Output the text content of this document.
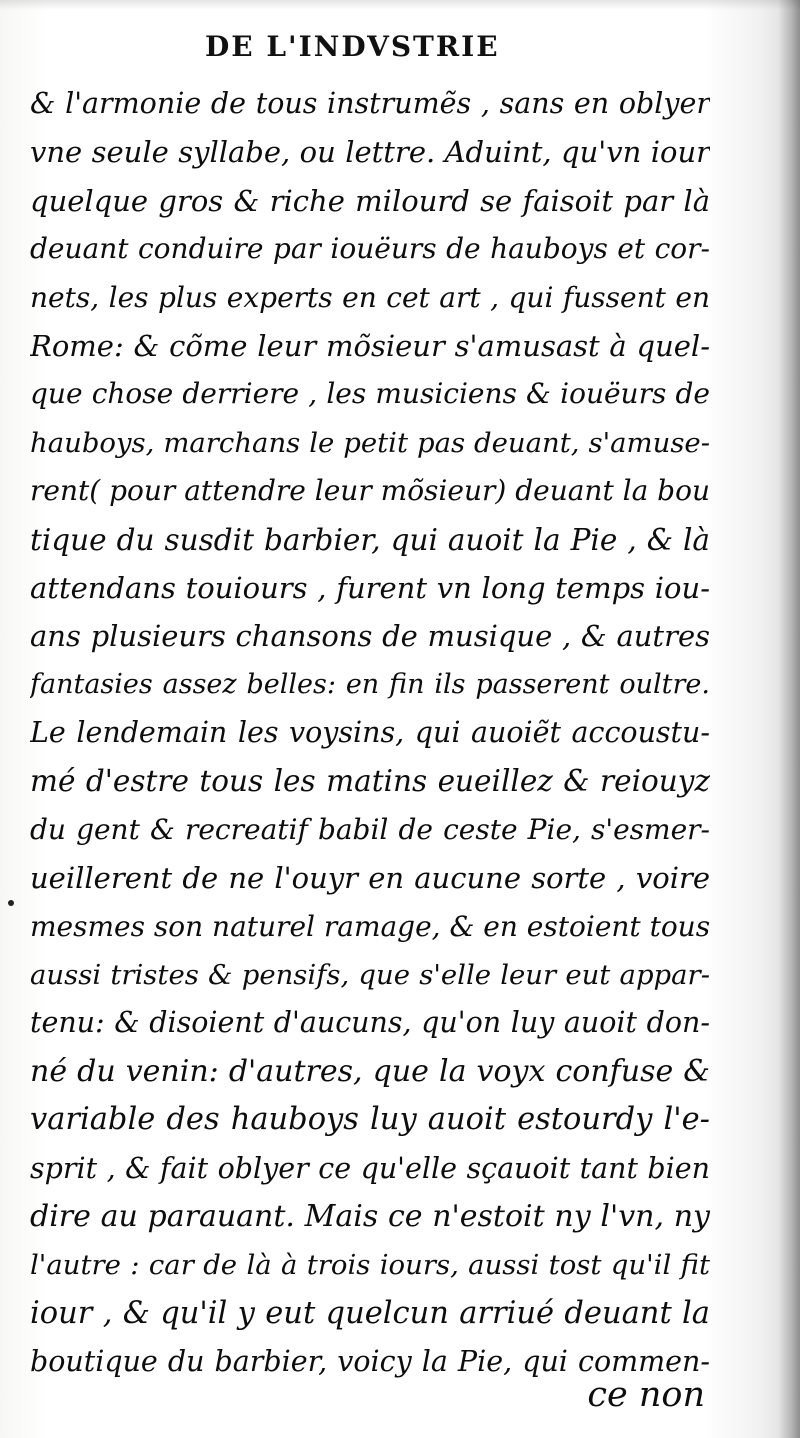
DE L'INDVSTRIE
& l'armonie de tous instrumẽs , sans en oblyer
vne seule syllabe, ou lettre. Aduint, qu'vn iour
quelque gros & riche milourd se faisoit par là
deuant conduire par iouëurs de hauboys et cor-
nets, les plus experts en cet art , qui fussent en
Rome: & cõme leur mõsieur s'amusast à quel-
que chose derriere , les musiciens & iouëurs de
hauboys, marchans le petit pas deuant, s'amuse-
rent( pour attendre leur mõsieur) deuant la bou
tique du susdit barbier, qui auoit la Pie , & là
attendans touiours , furent vn long temps iou-
ans plusieurs chansons de musique , & autres
fantasies assez belles: en fin ils passerent oultre.
Le lendemain les voysins, qui auoiẽt accoustu-
mé d'estre tous les matins eueillez & reiouyz
du gent & recreatif babil de ceste Pie, s'esmer-
ueillerent de ne l'ouyr en aucune sorte , voire
mesmes son naturel ramage, & en estoient tous
aussi tristes & pensifs, que s'elle leur eut appar-
tenu: & disoient d'aucuns, qu'on luy auoit don-
né du venin: d'autres, que la voyx confuse &
variable des hauboys luy auoit estourdy l'e-
sprit , & fait oblyer ce qu'elle sçauoit tant bien
dire au parauant. Mais ce n'estoit ny l'vn, ny
l'autre : car de là à trois iours, aussi tost qu'il fit
iour , & qu'il y eut quelcun arriué deuant la
boutique du barbier, voicy la Pie, qui commen-
ce non
